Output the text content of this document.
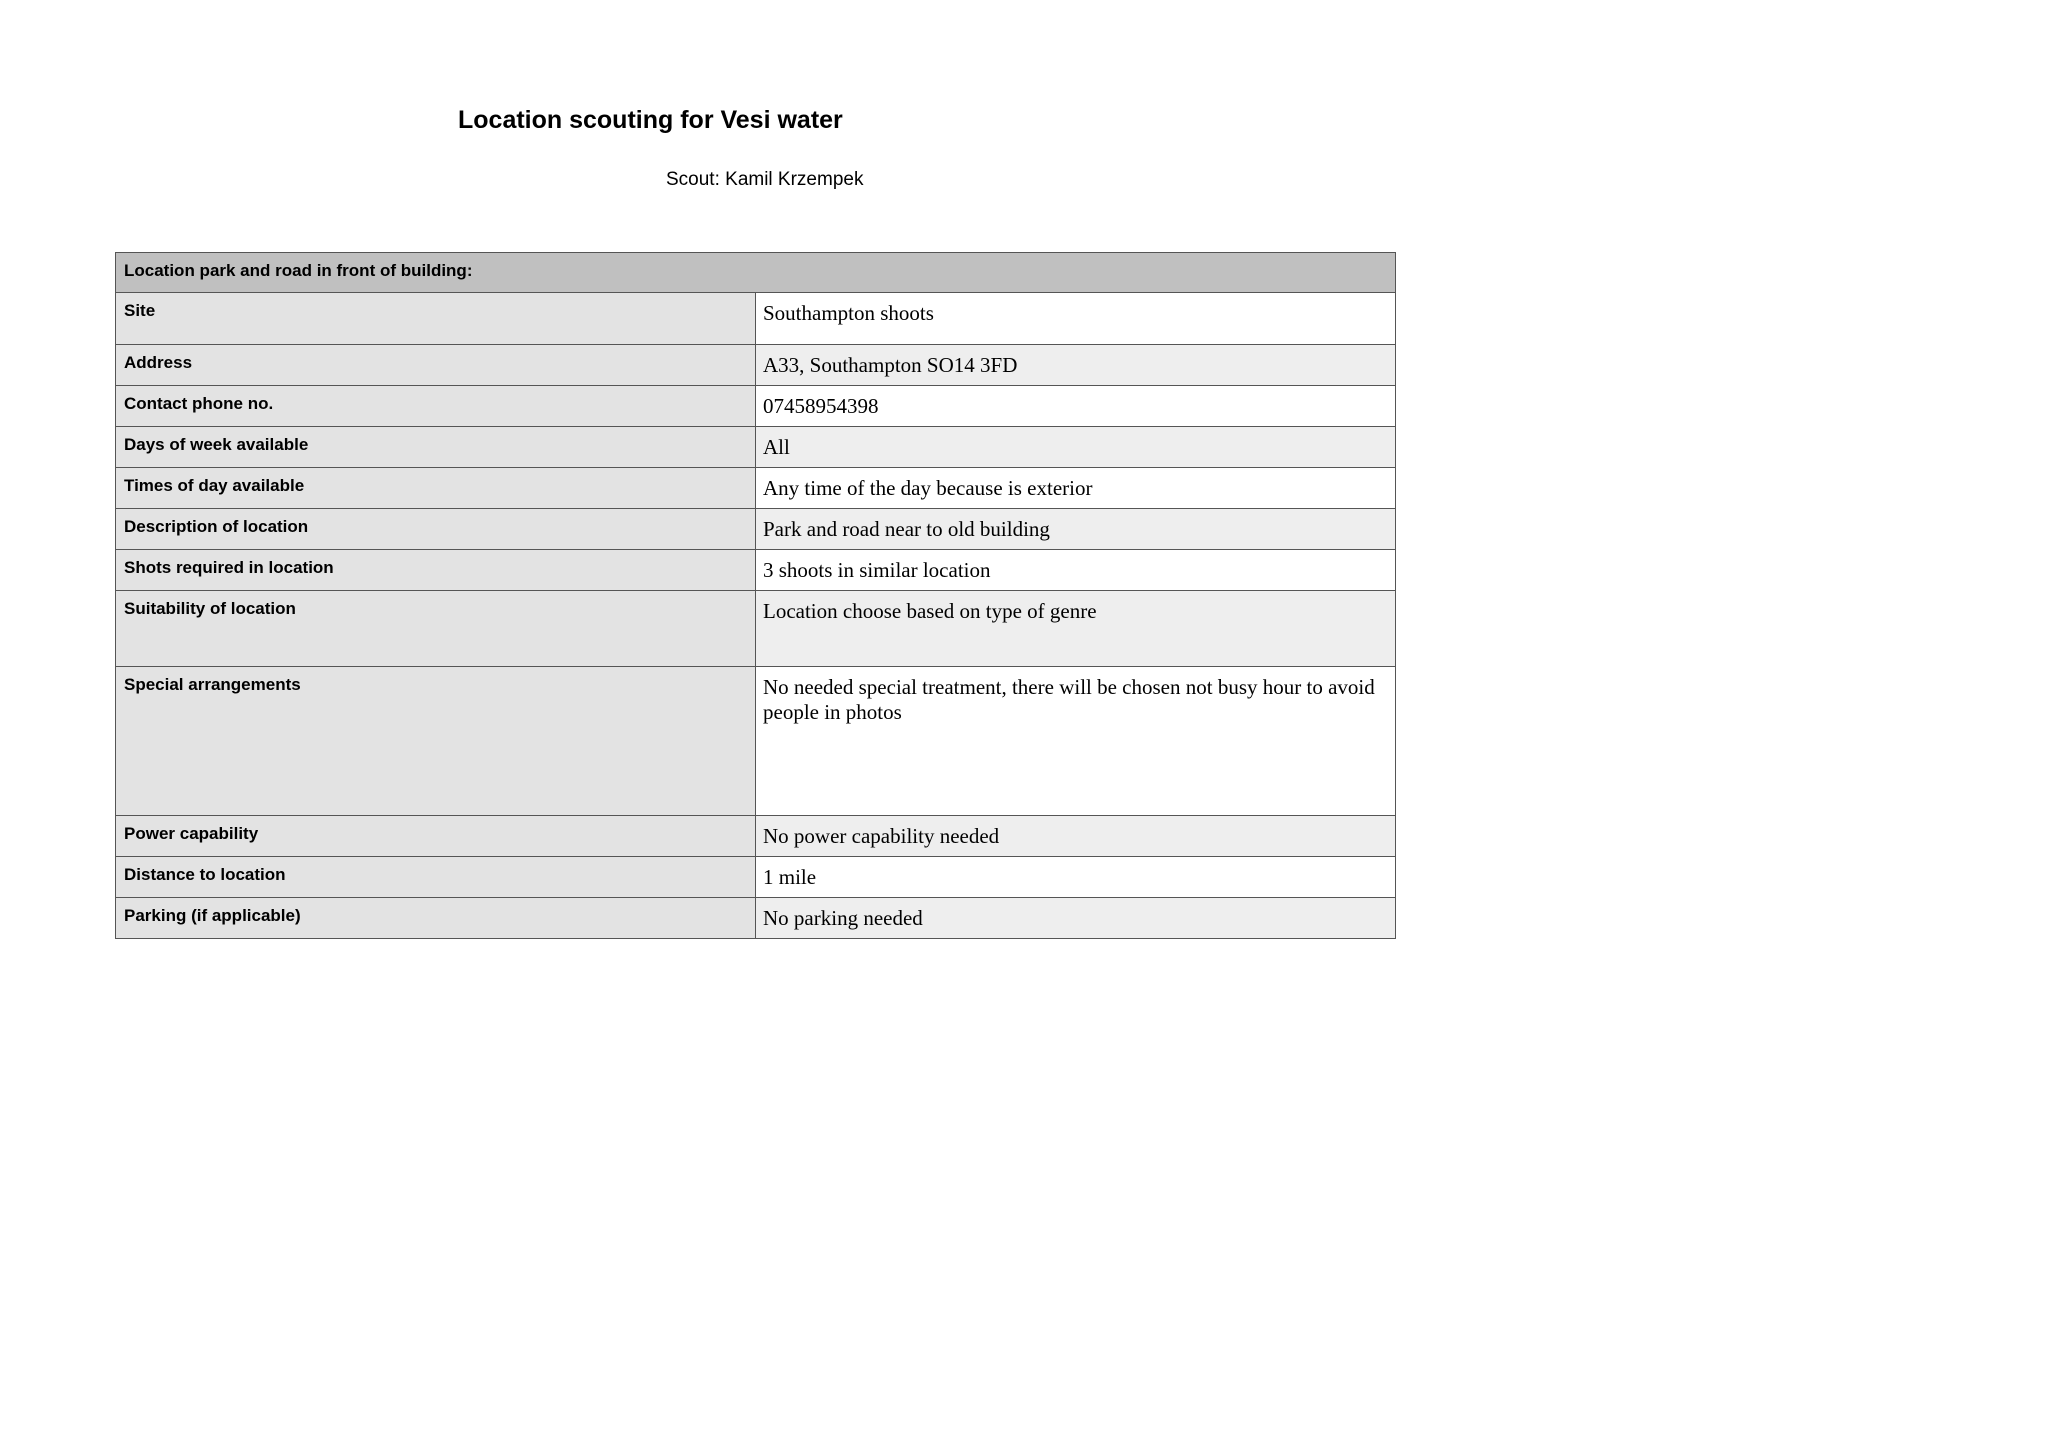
Location scouting for Vesi water
Scout: Kamil Krzempek
Location park and road in front of building:	
Site	Southampton shoots
Address	A33, Southampton SO14 3FD
Contact phone no.	07458954398
Days of week available	All
Times of day available	Any time of the day because is exterior
Description of location	Park and road near to old building
Shots required in location	3 shoots in similar location
Suitability of location	Location choose based on type of genre
Special arrangements	No needed special treatment, there will be chosen not busy hour to avoid people in photos
Power capability	No power capability needed
Distance to location	1 mile
Parking (if applicable)	No parking needed
